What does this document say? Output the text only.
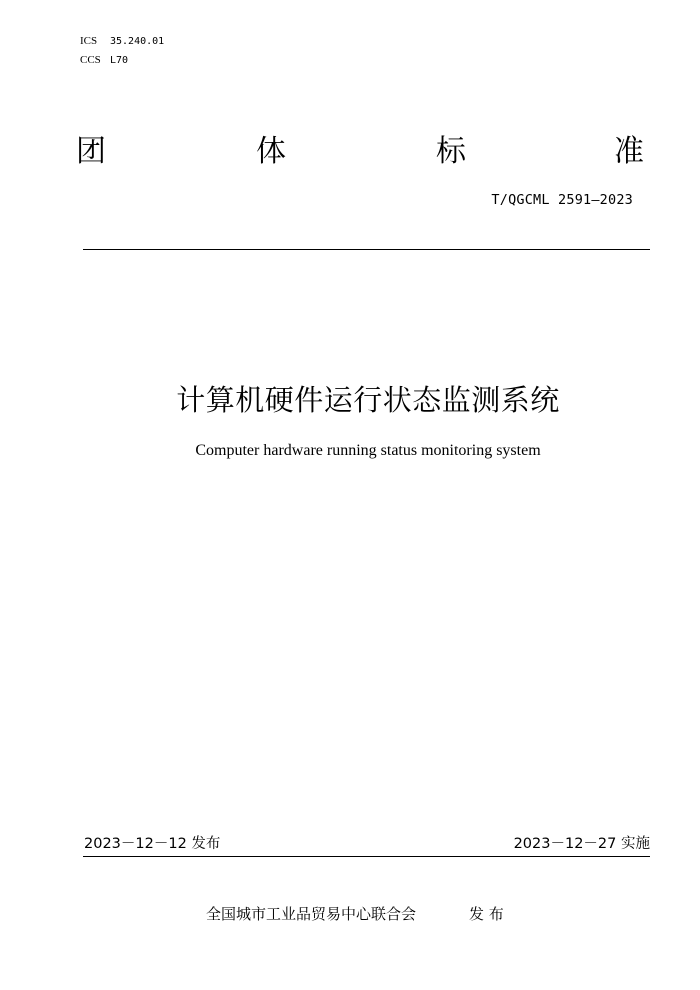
ICS 35.240.01
CCS L70
团	体	标	准
T/QGCML 2591—2023
计算机硬件运行状态监测系统
Computer hardware running status monitoring system
2023－12－12 发布	2023－12－27 实施
全国城市工业品贸易中心联合会	发 布
